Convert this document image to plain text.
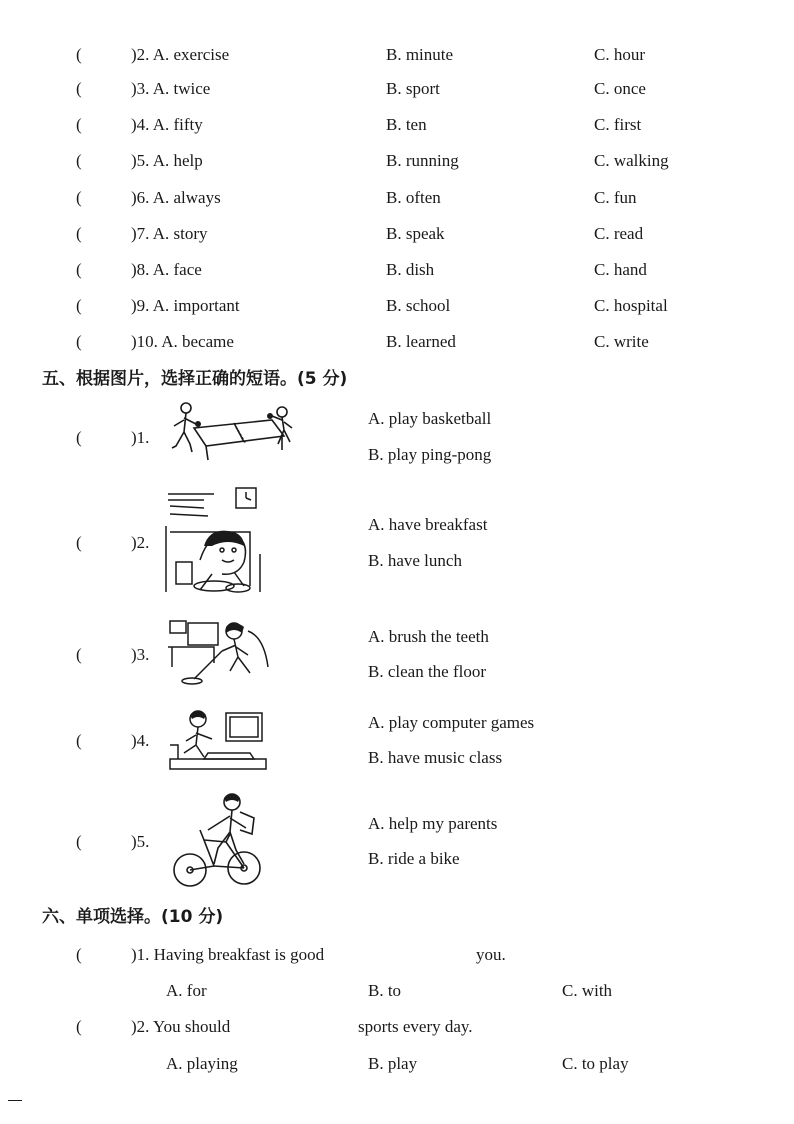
(	)2. A. exercise	B. minute	C. hour
(	)3. A. twice	B. sport	C. once
(	)4. A. fifty	B. ten	C. first
(	)5. A. help	B. running	C. walking
(	)6. A. always	B. often	C. fun
(	)7. A. story	B. speak	C. read
(	)8. A. face	B. dish	C. hand
(	)9. A. important	B. school	C. hospital
(	)10. A. became	B. learned	C. write
五、根据图片，选择正确的短语。(5 分)
(	)1.
A. play basketball
B. play ping-pong
(	)2.
A. have breakfast
B. have lunch
(	)3.
A. brush the teeth
B. clean the floor
(	)4.
A. play computer games
B. have music class
(	)5.
A. help my parents
B. ride a bike
六、单项选择。(10 分)
(	)1. Having breakfast is good	you.
A. for	B. to	C. with
(	)2. You should	sports every day.
A. playing	B. play	C. to play
